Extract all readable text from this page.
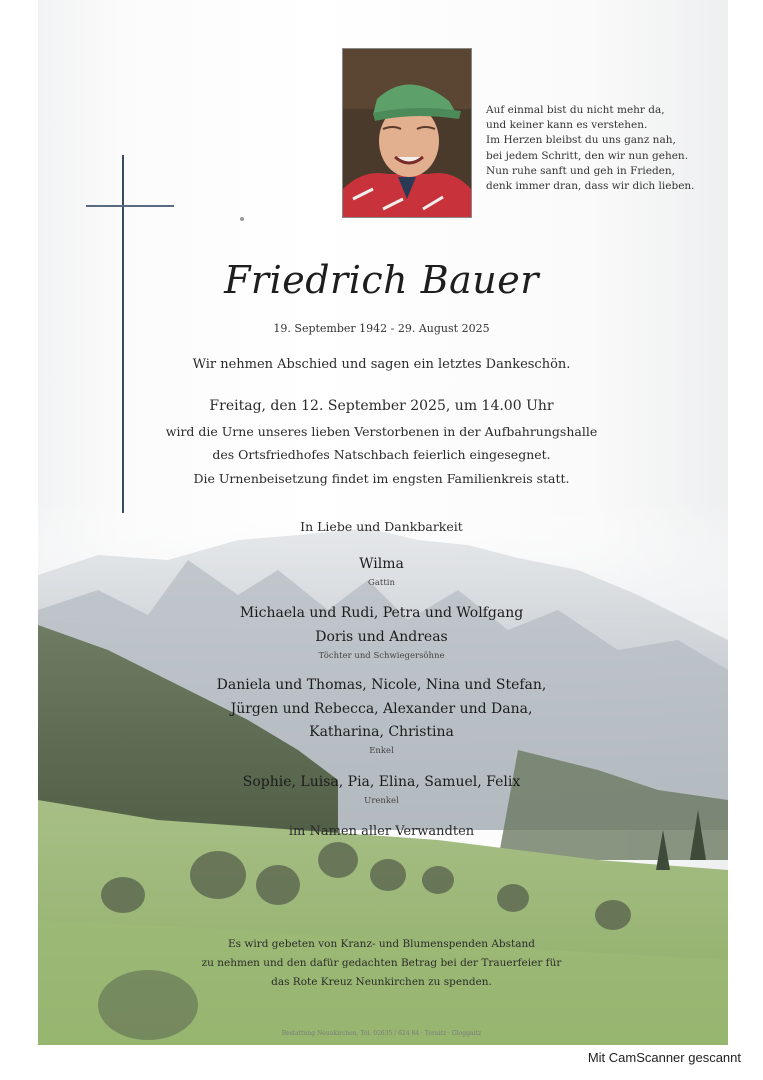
Auf einmal bist du nicht mehr da,
und keiner kann es verstehen.
Im Herzen bleibst du uns ganz nah,
bei jedem Schritt, den wir nun gehen.
Nun ruhe sanft und geh in Frieden,
denk immer dran, dass wir dich lieben.
Friedrich Bauer
19. September 1942 - 29. August 2025
Wir nehmen Abschied und sagen ein letztes Dankeschön.
Freitag, den 12. September 2025, um 14.00 Uhr
wird die Urne unseres lieben Verstorbenen in der Aufbahrungshalle
des Ortsfriedhofes Natschbach feierlich eingesegnet.
Die Urnenbeisetzung findet im engsten Familienkreis statt.
In Liebe und Dankbarkeit
Wilma
Gattin
Michaela und Rudi, Petra und Wolfgang
Doris und Andreas
Töchter und Schwiegersöhne
Daniela und Thomas, Nicole, Nina und Stefan,
Jürgen und Rebecca, Alexander und Dana,
Katharina, Christina
Enkel
Sophie, Luisa, Pia, Elina, Samuel, Felix
Urenkel
im Namen aller Verwandten
Es wird gebeten von Kranz- und Blumenspenden Abstand
zu nehmen und den dafür gedachten Betrag bei der Trauerfeier für
das Rote Kreuz Neunkirchen zu spenden.
Bestattung Neunkirchen, Tel. 02635 / 624 84 · Ternitz · Gloggnitz
Mit CamScanner gescannt
